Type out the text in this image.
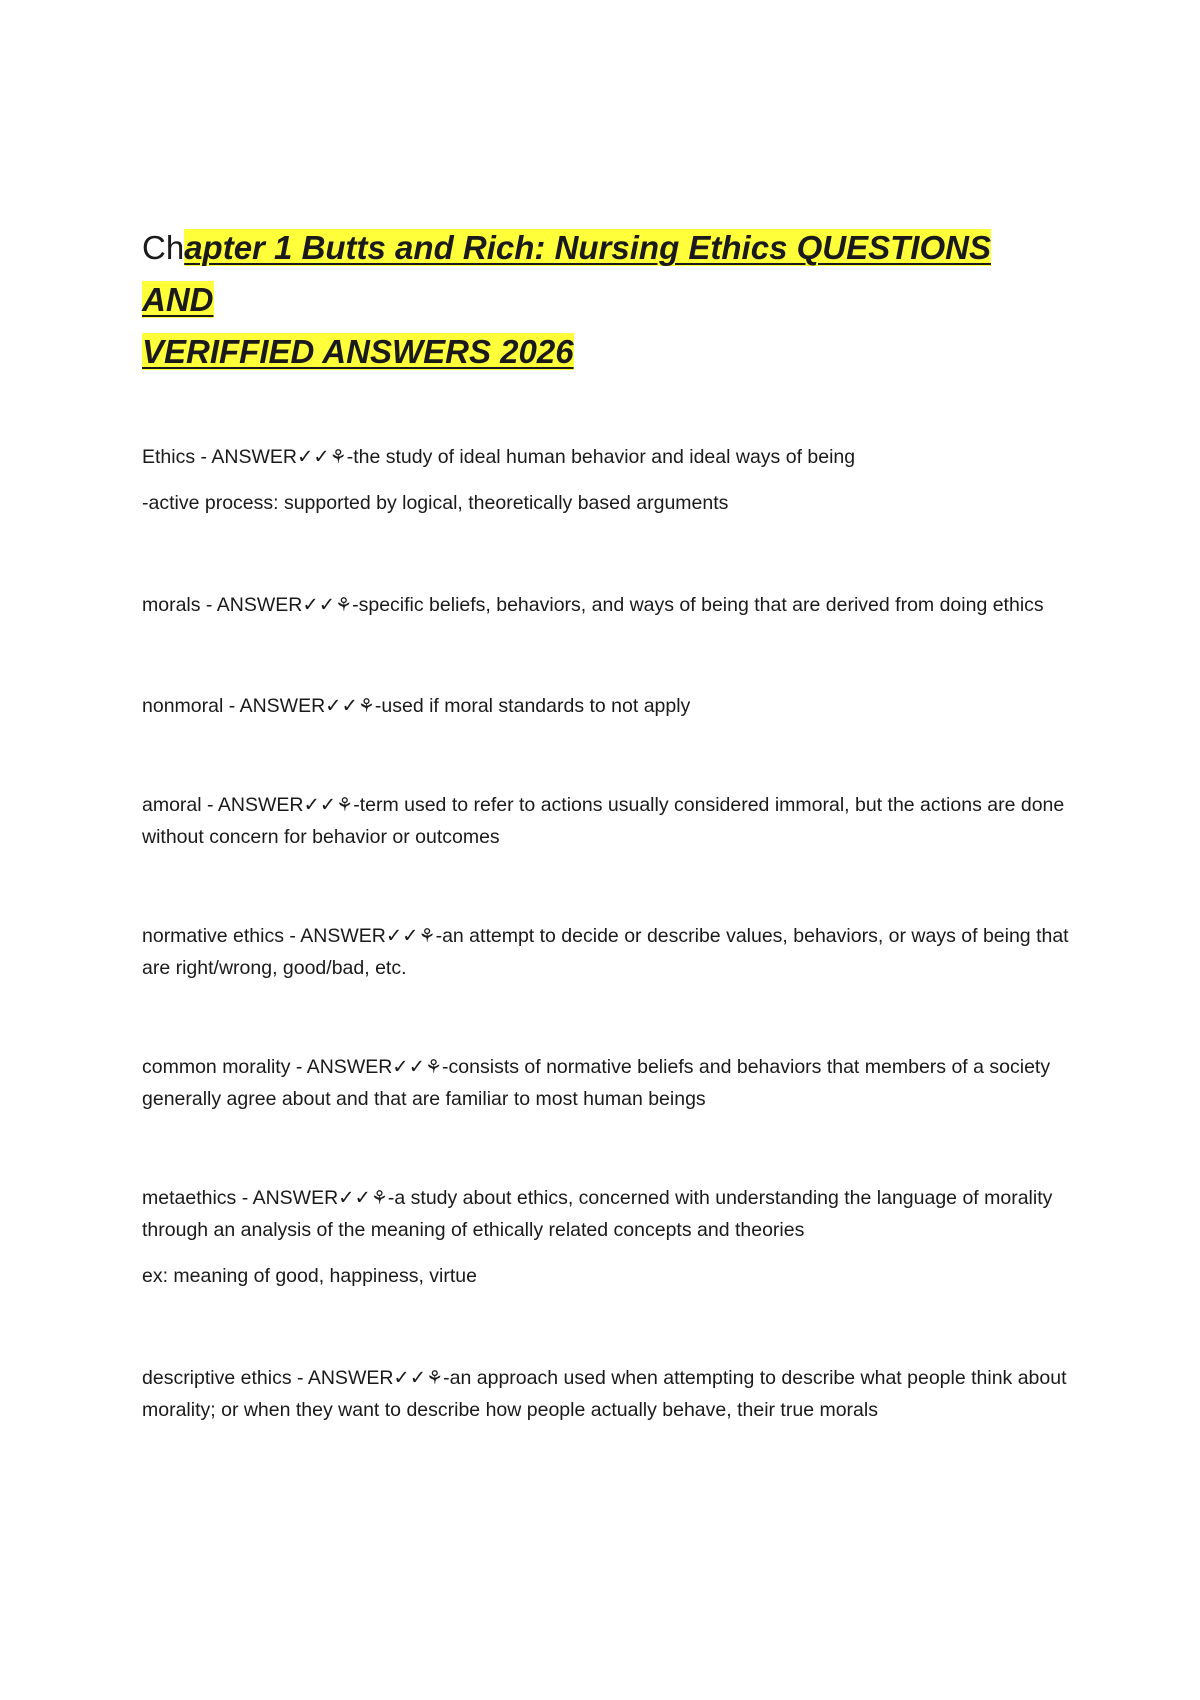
Chapter 1 Butts and Rich: Nursing Ethics QUESTIONS AND
VERIFFIED ANSWERS 2026

Ethics - ANSWER✓✓⚘-the study of ideal human behavior and ideal ways of being

-active process: supported by logical, theoretically based arguments

morals - ANSWER✓✓⚘-specific beliefs, behaviors, and ways of being that are derived from doing ethics

nonmoral - ANSWER✓✓⚘-used if moral standards to not apply

amoral - ANSWER✓✓⚘-term used to refer to actions usually considered immoral, but the actions are done without concern for behavior or outcomes

normative ethics - ANSWER✓✓⚘-an attempt to decide or describe values, behaviors, or ways of being that are right/wrong, good/bad, etc.

common morality - ANSWER✓✓⚘-consists of normative beliefs and behaviors that members of a society generally agree about and that are familiar to most human beings

metaethics - ANSWER✓✓⚘-a study about ethics, concerned with understanding the language of morality through an analysis of the meaning of ethically related concepts and theories

ex: meaning of good, happiness, virtue

descriptive ethics - ANSWER✓✓⚘-an approach used when attempting to describe what people think about morality; or when they want to describe how people actually behave, their true morals
